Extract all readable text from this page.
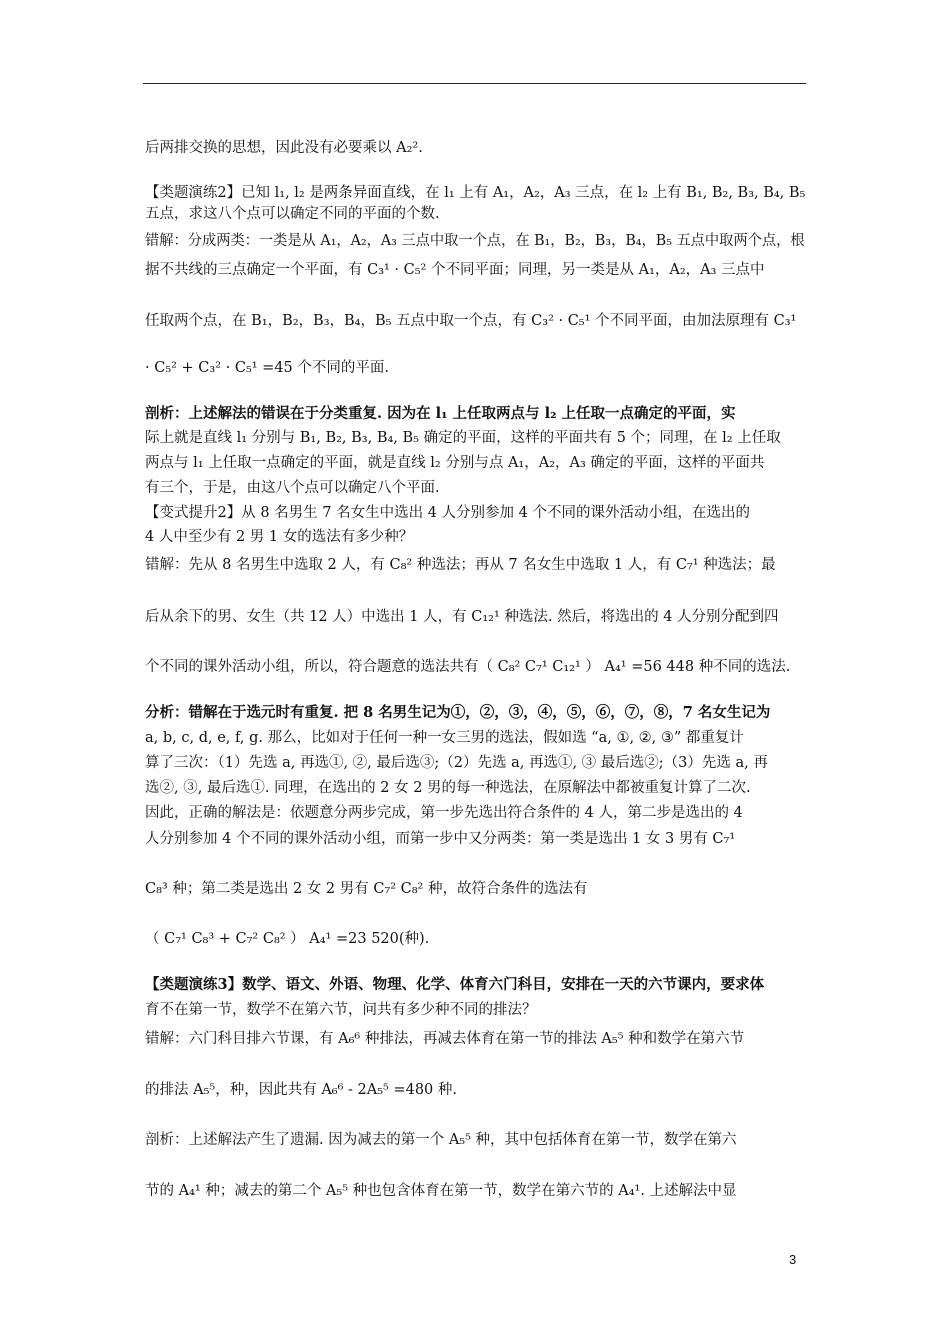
后两排交换的思想，因此没有必要乘以 A₂².
【类题演练2】已知 l₁, l₂ 是两条异面直线，在 l₁ 上有 A₁，A₂，A₃ 三点，在 l₂ 上有 B₁, B₂, B₃, B₄, B₅
五点，求这八个点可以确定不同的平面的个数.
错解：分成两类：一类是从 A₁，A₂，A₃ 三点中取一个点，在 B₁，B₂，B₃，B₄，B₅ 五点中取两个点，根
据不共线的三点确定一个平面，有 C₃¹ · C₅² 个不同平面；同理，另一类是从 A₁，A₂，A₃ 三点中
任取两个点，在 B₁，B₂，B₃，B₄，B₅ 五点中取一个点，有 C₃² · C₅¹ 个不同平面，由加法原理有 C₃¹
· C₅² + C₃² · C₅¹ =45 个不同的平面.
剖析：上述解法的错误在于分类重复. 因为在 l₁ 上任取两点与 l₂ 上任取一点确定的平面，实
际上就是直线 l₁ 分别与 B₁, B₂, B₃, B₄, B₅ 确定的平面，这样的平面共有 5 个；同理，在 l₂ 上任取
两点与 l₁ 上任取一点确定的平面，就是直线 l₂ 分别与点 A₁，A₂，A₃ 确定的平面，这样的平面共
有三个，于是，由这八个点可以确定八个平面.
【变式提升2】从 8 名男生 7 名女生中选出 4 人分别参加 4 个不同的课外活动小组，在选出的
4 人中至少有 2 男 1 女的选法有多少种？
错解：先从 8 名男生中选取 2 人，有 C₈² 种选法；再从 7 名女生中选取 1 人，有 C₇¹ 种选法；最
后从余下的男、女生（共 12 人）中选出 1 人，有 C₁₂¹ 种选法. 然后，将选出的 4 人分别分配到四
个不同的课外活动小组，所以，符合题意的选法共有（ C₈² C₇¹ C₁₂¹ ） A₄¹ =56 448 种不同的选法.
分析：错解在于选元时有重复. 把 8 名男生记为①，②，③，④，⑤，⑥，⑦，⑧，7 名女生记为
a, b, c, d, e, f, g. 那么，比如对于任何一种一女三男的选法，假如选 “a, ①, ②, ③” 都重复计
算了三次：（1）先选 a, 再选①, ②, 最后选③;（2）先选 a, 再选①, ③ 最后选②;（3）先选 a, 再
选②, ③, 最后选①. 同理，在选出的 2 女 2 男的每一种选法，在原解法中都被重复计算了二次.
因此，正确的解法是：依题意分两步完成，第一步先选出符合条件的 4 人，第二步是选出的 4
人分别参加 4 个不同的课外活动小组，而第一步中又分两类：第一类是选出 1 女 3 男有 C₇¹
C₈³ 种；第二类是选出 2 女 2 男有 C₇² C₈² 种，故符合条件的选法有
（ C₇¹ C₈³ + C₇² C₈² ） A₄¹ =23 520(种).
【类题演练3】数学、语文、外语、物理、化学、体育六门科目，安排在一天的六节课内，要求体
育不在第一节，数学不在第六节，问共有多少种不同的排法？
错解：六门科目排六节课，有 A₆⁶ 种排法，再减去体育在第一节的排法 A₅⁵ 种和数学在第六节
的排法 A₅⁵，种，因此共有 A₆⁶ - 2A₅⁵ =480 种.
剖析：上述解法产生了遗漏. 因为减去的第一个 A₅⁵ 种，其中包括体育在第一节，数学在第六
节的 A₄¹ 种；减去的第二个 A₅⁵ 种也包含体育在第一节，数学在第六节的 A₄¹. 上述解法中显
3
